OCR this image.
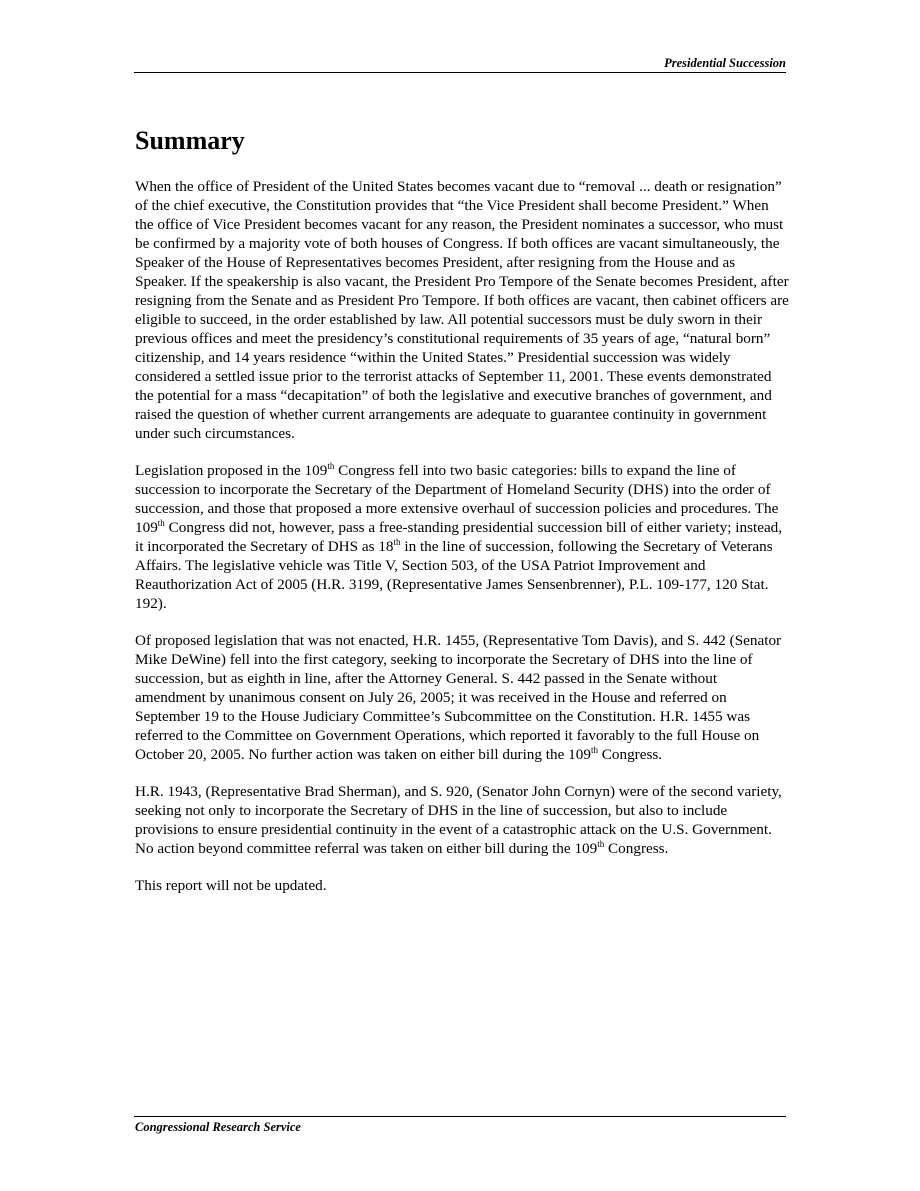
Presidential Succession
Summary

When the office of President of the United States becomes vacant due to “removal ... death or resignation” of the chief executive, the Constitution provides that “the Vice President shall become President.” When the office of Vice President becomes vacant for any reason, the President nominates a successor, who must be confirmed by a majority vote of both houses of Congress. If both offices are vacant simultaneously, the Speaker of the House of Representatives becomes President, after resigning from the House and as Speaker. If the speakership is also vacant, the President Pro Tempore of the Senate becomes President, after resigning from the Senate and as President Pro Tempore. If both offices are vacant, then cabinet officers are eligible to succeed, in the order established by law. All potential successors must be duly sworn in their previous offices and meet the presidency’s constitutional requirements of 35 years of age, “natural born” citizenship, and 14 years residence “within the United States.” Presidential succession was widely considered a settled issue prior to the terrorist attacks of September 11, 2001. These events demonstrated the potential for a mass “decapitation” of both the legislative and executive branches of government, and raised the question of whether current arrangements are adequate to guarantee continuity in government under such circumstances.

Legislation proposed in the 109th Congress fell into two basic categories: bills to expand the line of succession to incorporate the Secretary of the Department of Homeland Security (DHS) into the order of succession, and those that proposed a more extensive overhaul of succession policies and procedures. The 109th Congress did not, however, pass a free-standing presidential succession bill of either variety; instead, it incorporated the Secretary of DHS as 18th in the line of succession, following the Secretary of Veterans Affairs. The legislative vehicle was Title V, Section 503, of the USA Patriot Improvement and Reauthorization Act of 2005 (H.R. 3199, (Representative James Sensenbrenner), P.L. 109-177, 120 Stat. 192).

Of proposed legislation that was not enacted, H.R. 1455, (Representative Tom Davis), and S. 442 (Senator Mike DeWine) fell into the first category, seeking to incorporate the Secretary of DHS into the line of succession, but as eighth in line, after the Attorney General. S. 442 passed in the Senate without amendment by unanimous consent on July 26, 2005; it was received in the House and referred on September 19 to the House Judiciary Committee’s Subcommittee on the Constitution. H.R. 1455 was referred to the Committee on Government Operations, which reported it favorably to the full House on October 20, 2005. No further action was taken on either bill during the 109th Congress.

H.R. 1943, (Representative Brad Sherman), and S. 920, (Senator John Cornyn) were of the second variety, seeking not only to incorporate the Secretary of DHS in the line of succession, but also to include provisions to ensure presidential continuity in the event of a catastrophic attack on the U.S. Government. No action beyond committee referral was taken on either bill during the 109th Congress.

This report will not be updated.

Congressional Research Service
